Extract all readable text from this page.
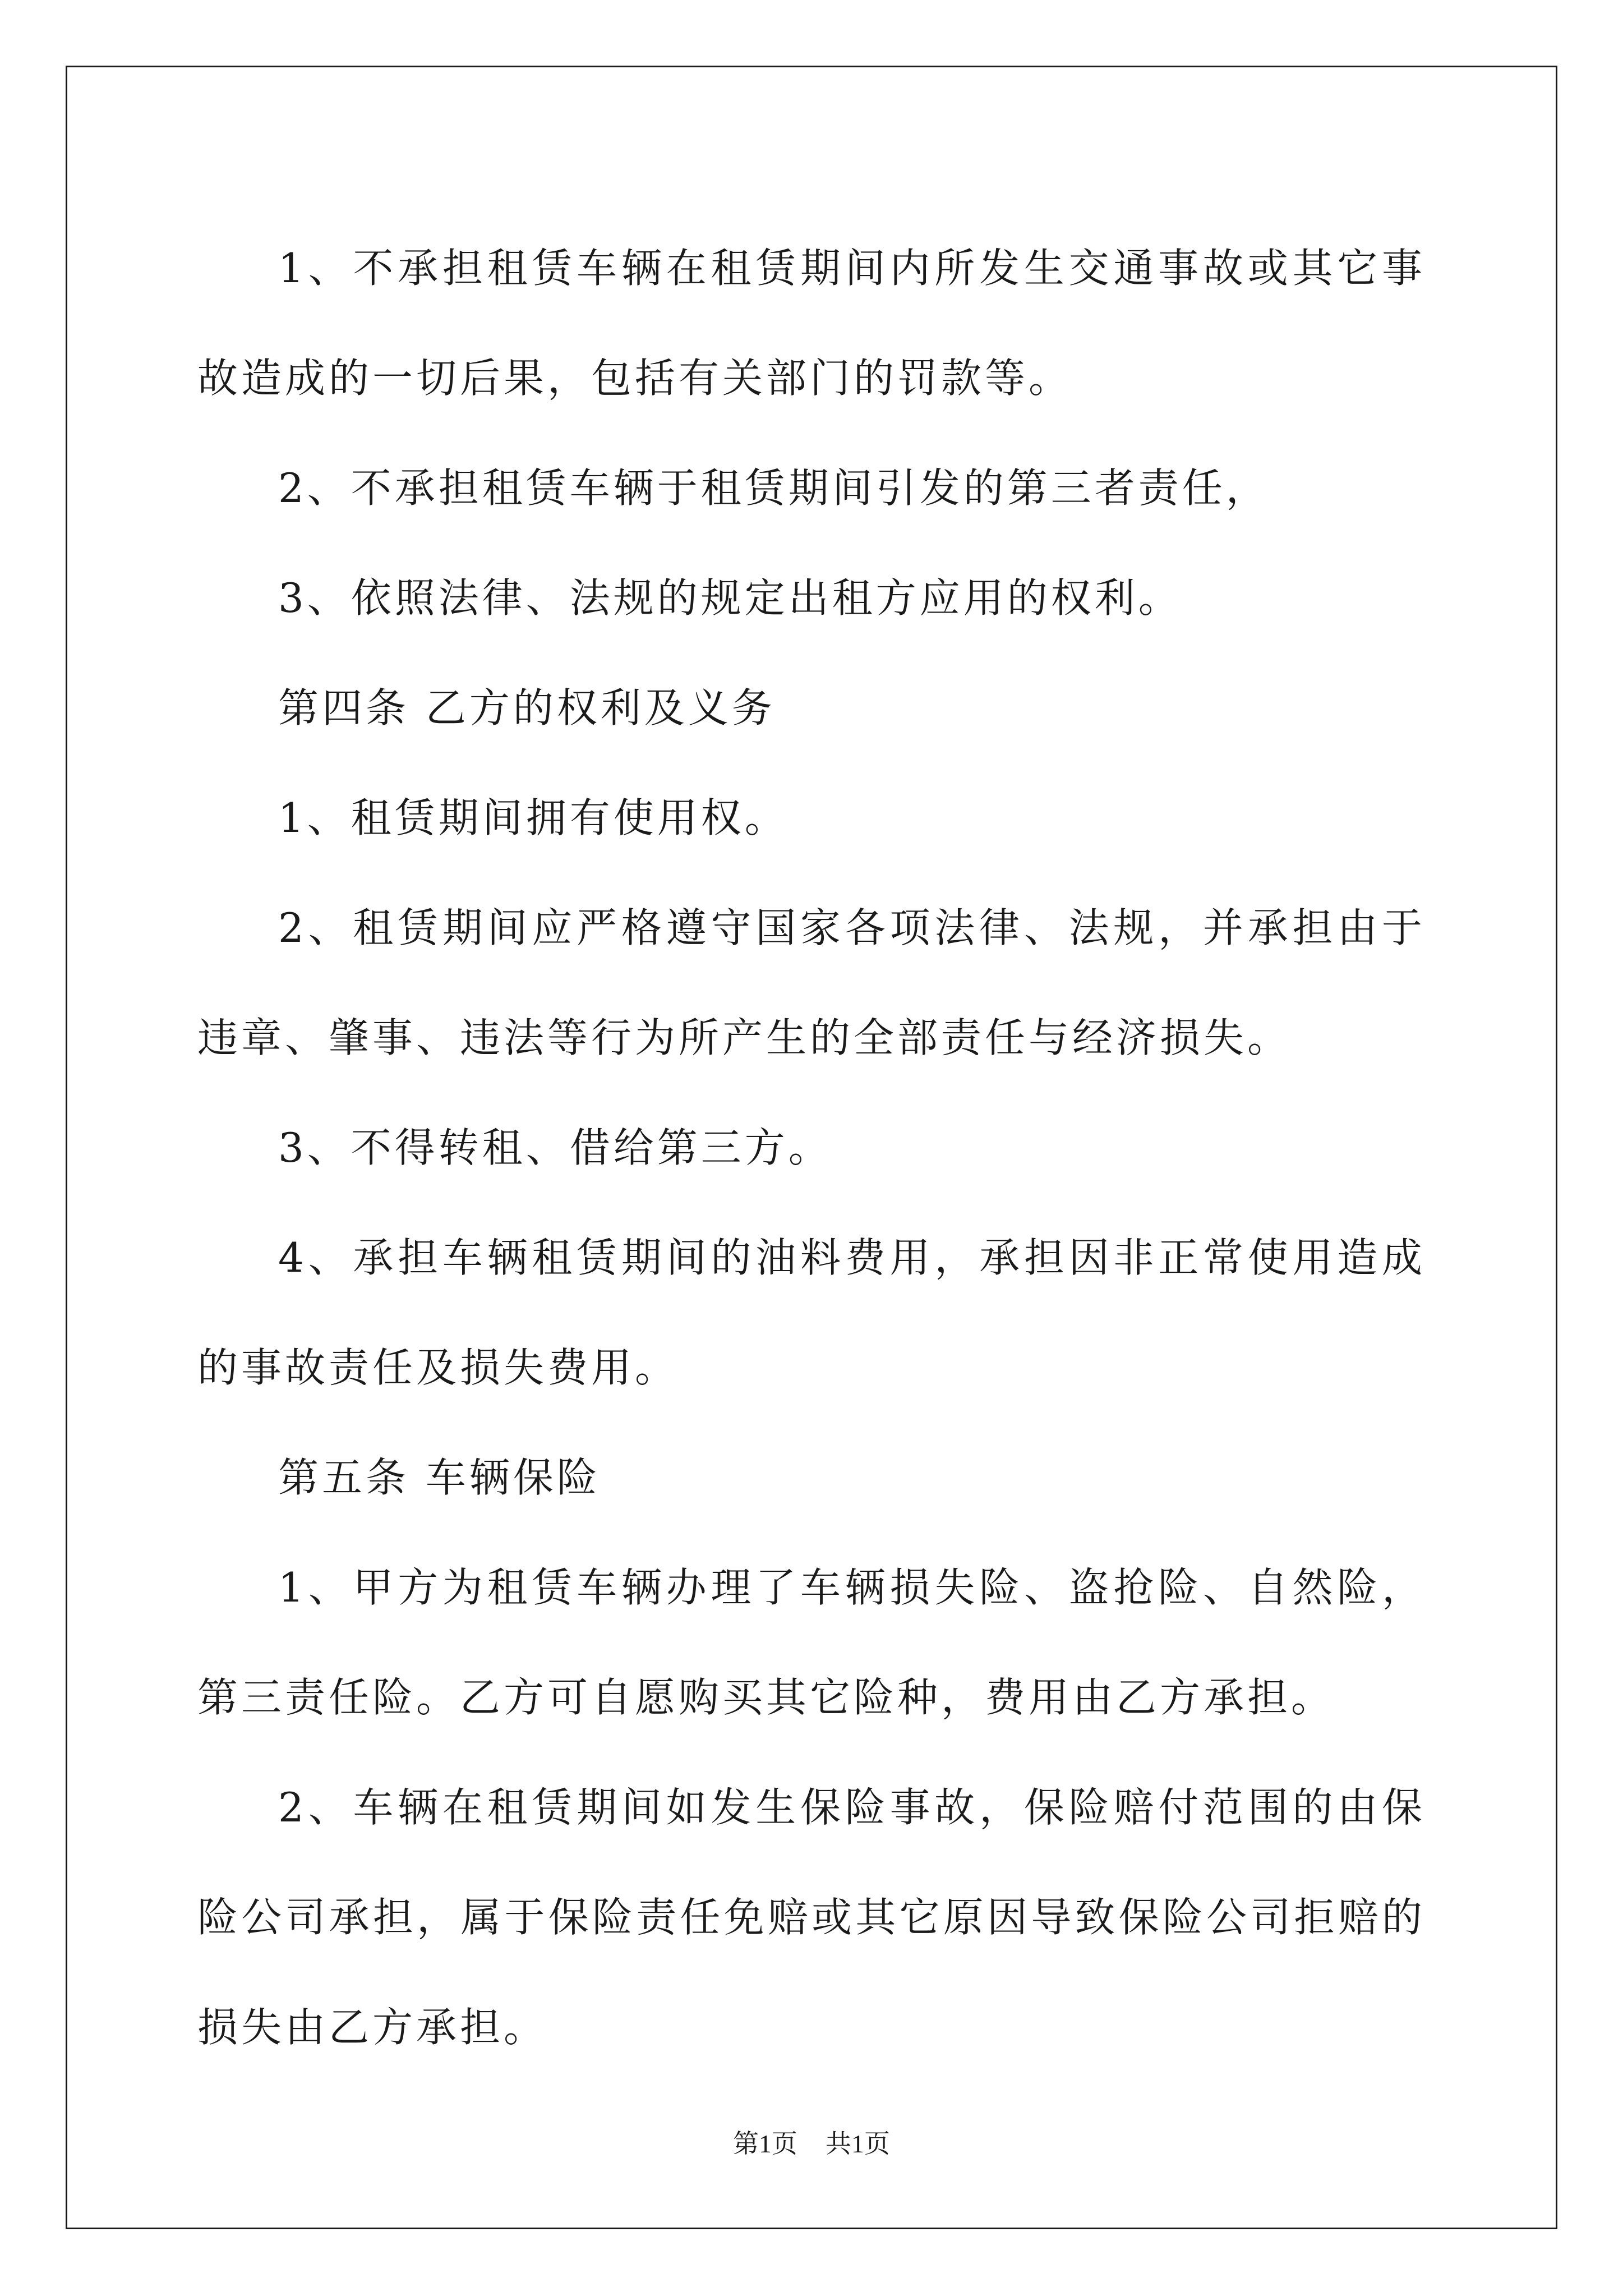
1、不承担租赁车辆在租赁期间内所发生交通事故或其它事故造成的一切后果，包括有关部门的罚款等。

2、不承担租赁车辆于租赁期间引发的第三者责任，

3、依照法律、法规的规定出租方应用的权利。

第四条 乙方的权利及义务

1、租赁期间拥有使用权。

2、租赁期间应严格遵守国家各项法律、法规，并承担由于违章、肇事、违法等行为所产生的全部责任与经济损失。

3、不得转租、借给第三方。

4、承担车辆租赁期间的油料费用，承担因非正常使用造成的事故责任及损失费用。

第五条 车辆保险

1、甲方为租赁车辆办理了车辆损失险、盗抢险、自然险，第三责任险。乙方可自愿购买其它险种，费用由乙方承担。

2、车辆在租赁期间如发生保险事故，保险赔付范围的由保险公司承担，属于保险责任免赔或其它原因导致保险公司拒赔的损失由乙方承担。

第1页 共1页
